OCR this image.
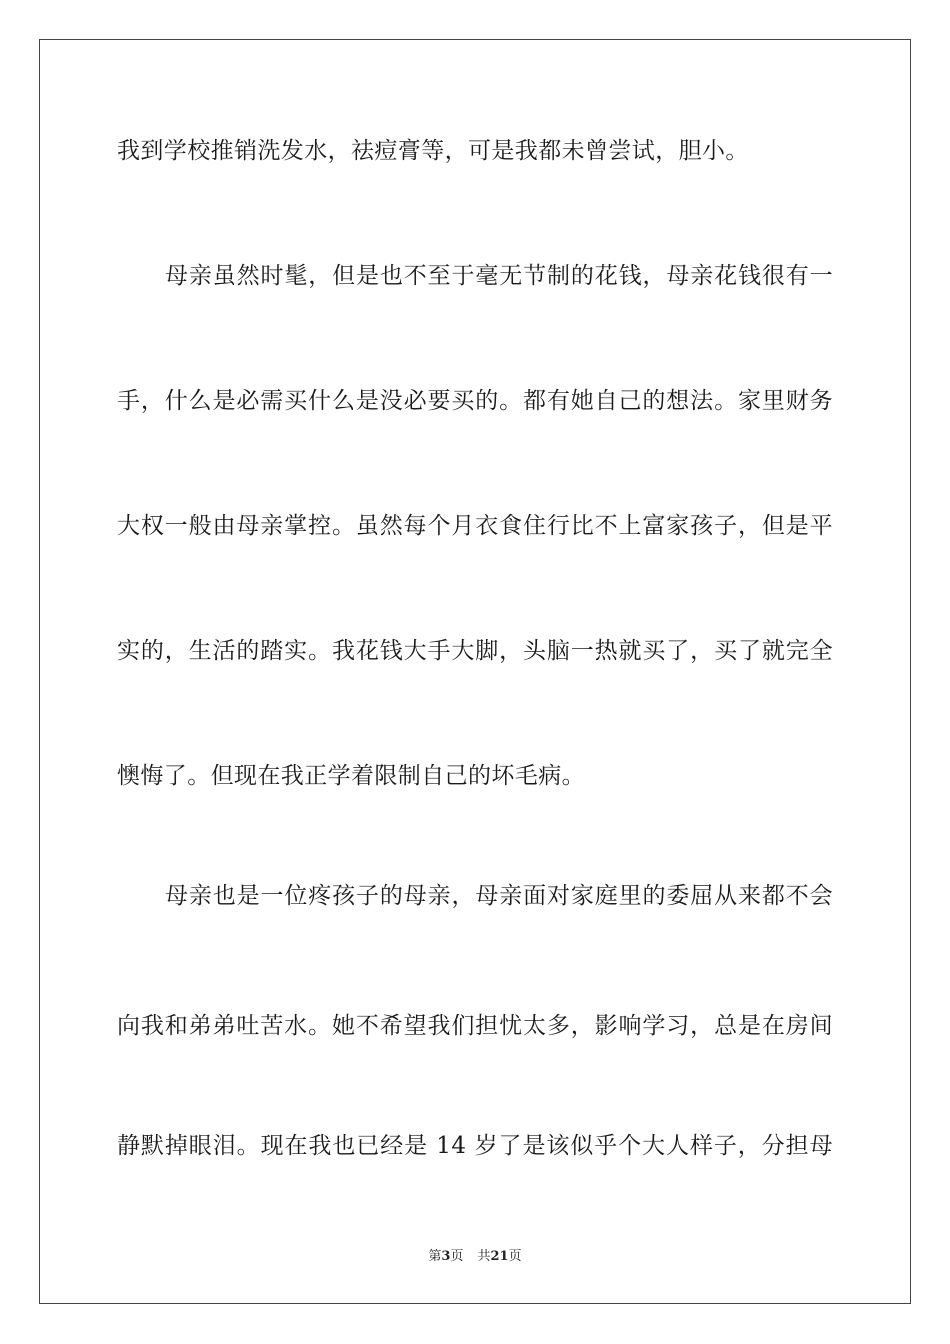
我到学校推销洗发水，祛痘膏等，可是我都未曾尝试，胆小。
母亲虽然时髦，但是也不至于毫无节制的花钱，母亲花钱很有一
手，什么是必需买什么是没必要买的。都有她自己的想法。家里财务
大权一般由母亲掌控。虽然每个月衣食住行比不上富家孩子，但是平
实的，生活的踏实。我花钱大手大脚，头脑一热就买了，买了就完全
懊悔了。但现在我正学着限制自己的坏毛病。
母亲也是一位疼孩子的母亲，母亲面对家庭里的委屈从来都不会
向我和弟弟吐苦水。她不希望我们担忧太多，影响学习，总是在房间
静默掉眼泪。现在我也已经是 14 岁了是该似乎个大人样子，分担母
第3页 共21页
